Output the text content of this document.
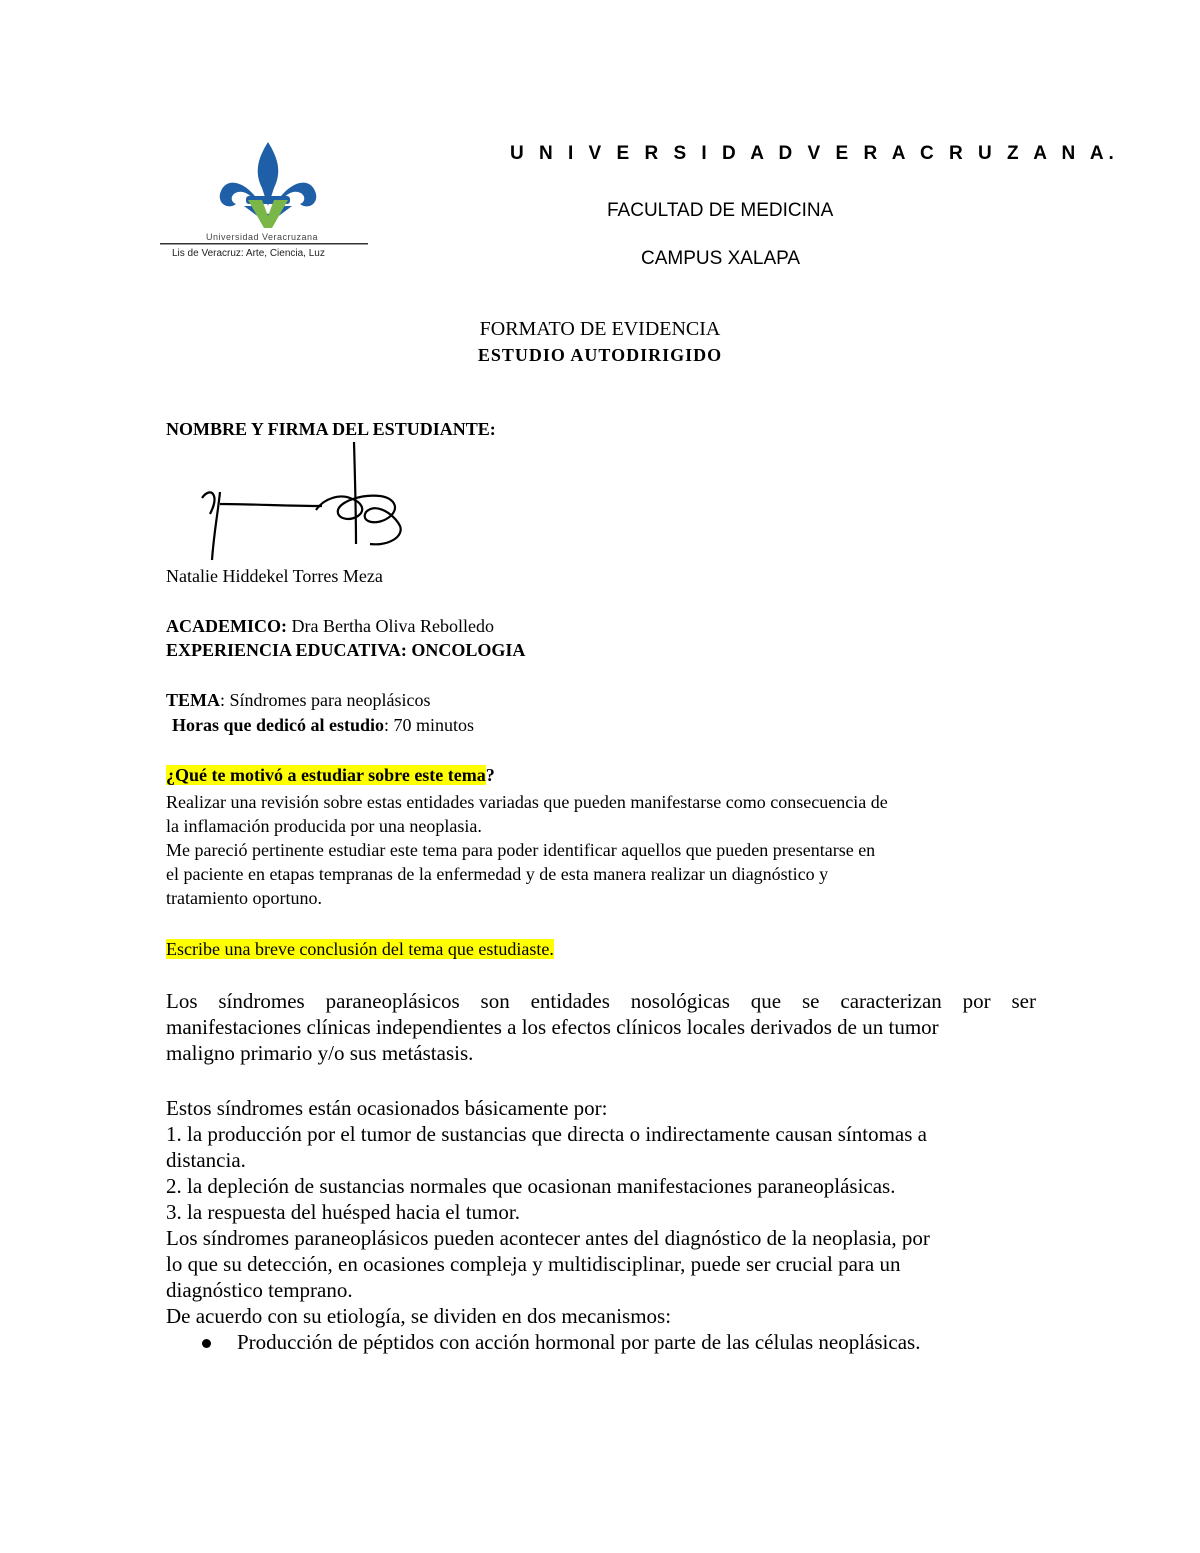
Universidad Veracruzana
Lis de Veracruz: Arte, Ciencia, Luz
U N I V E R S I D A D V E R A C R U Z A N A.
FACULTAD DE MEDICINA
CAMPUS XALAPA
FORMATO DE EVIDENCIA
ESTUDIO AUTODIRIGIDO
NOMBRE Y FIRMA DEL ESTUDIANTE:
Natalie Hiddekel Torres Meza
ACADEMICO: Dra Bertha Oliva Rebolledo
EXPERIENCIA EDUCATIVA: ONCOLOGIA
TEMA: Síndromes para neoplásicos
Horas que dedicó al estudio: 70 minutos
¿Qué te motivó a estudiar sobre este tema?
Realizar una revisión sobre estas entidades variadas que pueden manifestarse como consecuencia de
la inflamación producida por una neoplasia.
Me pareció pertinente estudiar este tema para poder identificar aquellos que pueden presentarse en
el paciente en etapas tempranas de la enfermedad y de esta manera realizar un diagnóstico y
tratamiento oportuno.
Escribe una breve conclusión del tema que estudiaste.
Los síndromes paraneoplásicos son entidades nosológicas que se caracterizan por ser
manifestaciones clínicas independientes a los efectos clínicos locales derivados de un tumor
maligno primario y/o sus metástasis.
Estos síndromes están ocasionados básicamente por:
1. la producción por el tumor de sustancias que directa o indirectamente causan síntomas a
distancia.
2. la depleción de sustancias normales que ocasionan manifestaciones paraneoplásicas.
3. la respuesta del huésped hacia el tumor.
Los síndromes paraneoplásicos pueden acontecer antes del diagnóstico de la neoplasia, por
lo que su detección, en ocasiones compleja y multidisciplinar, puede ser crucial para un
diagnóstico temprano.
De acuerdo con su etiología, se dividen en dos mecanismos:
Producción de péptidos con acción hormonal por parte de las células neoplásicas.
